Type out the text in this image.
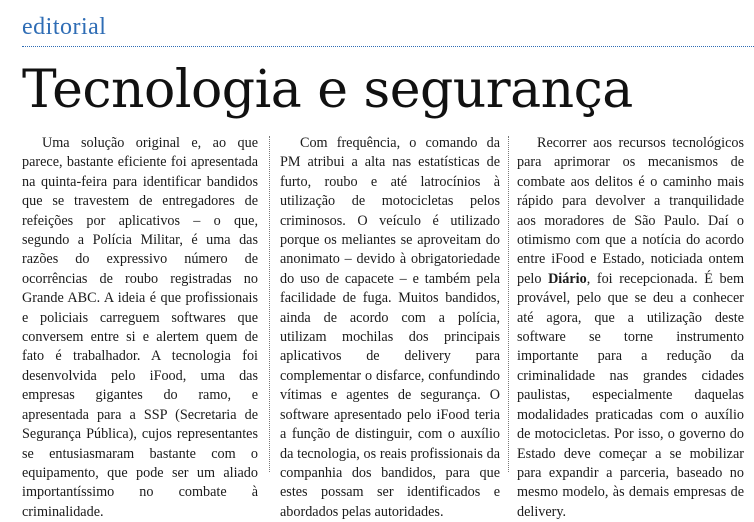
editorial
Tecnologia e segurança

Uma solução original e, ao que parece, bastante eficiente foi apresentada na quinta-feira para identificar bandidos que se travestem de entregadores de refeições por aplicativos – o que, segundo a Polícia Militar, é uma das razões do expressivo número de ocorrências de roubo registradas no Grande ABC. A ideia é que profissionais e policiais carreguem softwares que conversem entre si e alertem quem de fato é trabalhador. A tecnologia foi desenvolvida pelo iFood, uma das empresas gigantes do ramo, e apresentada para a SSP (Secretaria de Segurança Pública), cujos representantes se entusiasmaram bastante com o equipamento, que pode ser um aliado importantíssimo no combate à criminalidade.

Com frequência, o comando da PM atribui a alta nas estatísticas de furto, roubo e até latrocínios à utilização de motocicletas pelos criminosos. O veículo é utilizado porque os meliantes se aproveitam do anonimato – devido à obrigatoriedade do uso de capacete – e também pela facilidade de fuga. Muitos bandidos, ainda de acordo com a polícia, utilizam mochilas dos principais aplicativos de delivery para complementar o disfarce, confundindo vítimas e agentes de segurança. O software apresentado pelo iFood teria a função de distinguir, com o auxílio da tecnologia, os reais profissionais da companhia dos bandidos, para que estes possam ser identificados e abordados pelas autoridades.

Recorrer aos recursos tecnológicos para aprimorar os mecanismos de combate aos delitos é o caminho mais rápido para devolver a tranquilidade aos moradores de São Paulo. Daí o otimismo com que a notícia do acordo entre iFood e Estado, noticiada ontem pelo Diário, foi recepcionada. É bem provável, pelo que se deu a conhecer até agora, que a utilização deste software se torne instrumento importante para a redução da criminalidade nas grandes cidades paulistas, especialmente daquelas modalidades praticadas com o auxílio de motocicletas. Por isso, o governo do Estado deve começar a se mobilizar para expandir a parceria, baseado no mesmo modelo, às demais empresas de delivery.
